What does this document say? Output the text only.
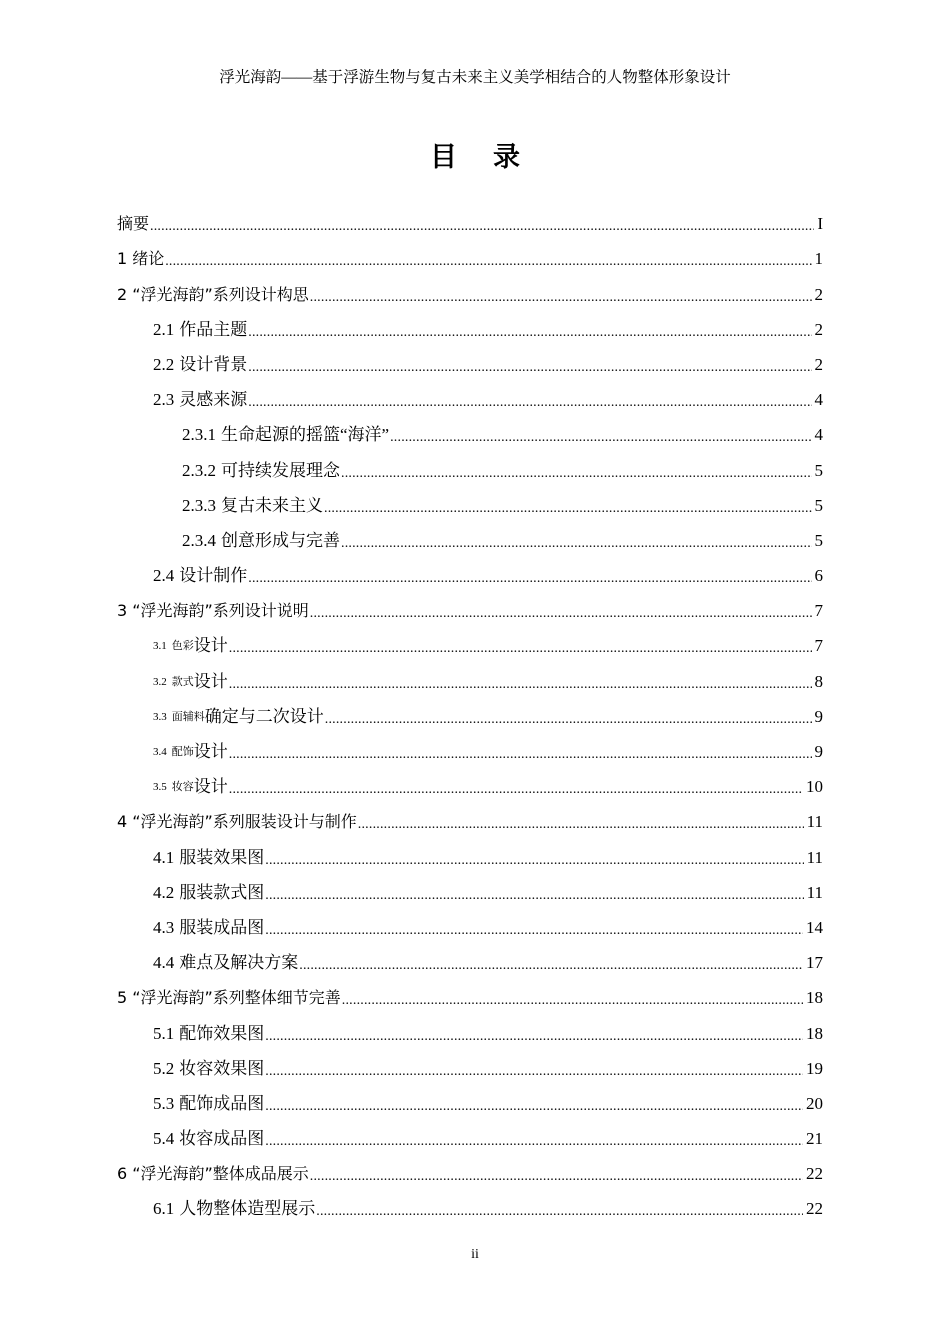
浮光海韵——基于浮游生物与复古未来主义美学相结合的人物整体形象设计
目 录
摘要 .....	I
1 绪论 .....	1
2 “浮光海韵”系列设计构思 .....	2
2.1 作品主题 .....	2
2.2 设计背景 .....	2
2.3 灵感来源 .....	4
2.3.1 生命起源的摇篮“海洋” .....	4
2.3.2 可持续发展理念 .....	5
2.3.3 复古未来主义 .....	5
2.3.4 创意形成与完善 .....	5
2.4 设计制作 .....	6
3 “浮光海韵”系列设计说明 .....	7
3.1 色彩 设计 .....	7
3.2 款式 设计 .....	8
3.3 面辅料 确定与二次设计 .....	9
3.4 配饰 设计 .....	9
3.5 妆容 设计 .....	10
4 “浮光海韵”系列服装设计与制作 .....	11
4.1 服装效果图 .....	11
4.2 服装款式图 .....	11
4.3 服装成品图 .....	14
4.4 难点及解决方案 .....	17
5 “浮光海韵”系列整体细节完善 .....	18
5.1 配饰效果图 .....	18
5.2 妆容效果图 .....	19
5.3 配饰成品图 .....	20
5.4 妆容成品图 .....	21
6 “浮光海韵”整体成品展示 .....	22
6.1 人物整体造型展示 .....	22
ii
